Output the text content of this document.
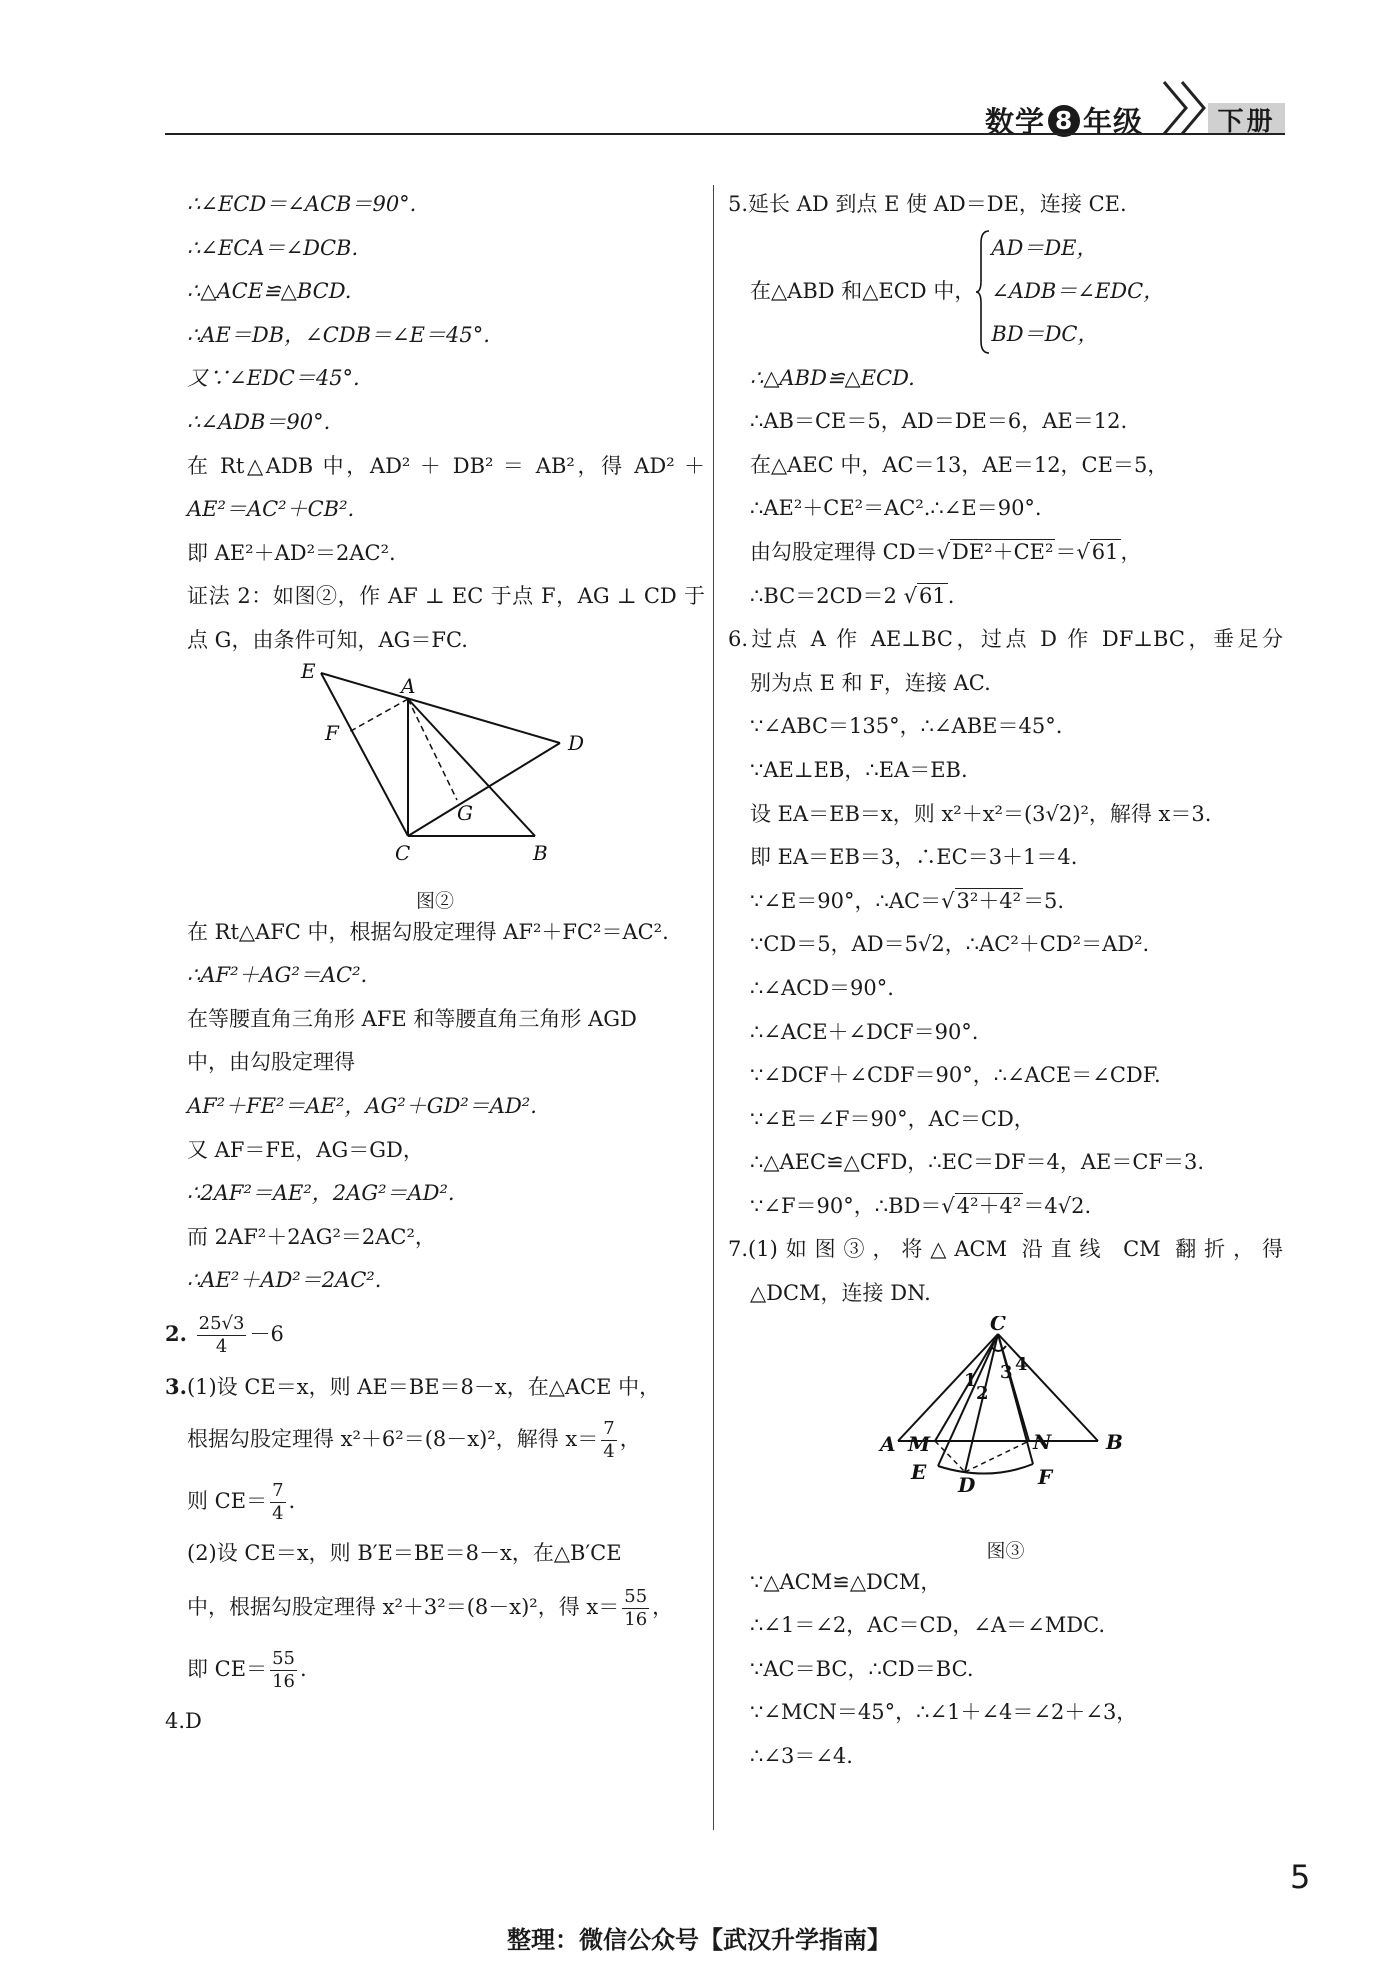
数学 8 年级	下册
∴∠ECD＝∠ACB＝90°.
∴∠ECA＝∠DCB.
∴△ACE≌△BCD.
∴AE＝DB，∠CDB＝∠E＝45°.
又∵∠EDC＝45°.
∴∠ADB＝90°.
在 Rt△ADB 中，AD² ＋ DB² ＝ AB²，得 AD² ＋
AE²＝AC²＋CB².
即 AE²＋AD²＝2AC².
证法 2：如图②，作 AF ⊥ EC 于点 F，AG ⊥ CD 于
点 G，由条件可知，AG＝FC.
E
A
F	D
G
C	B
图②
在 Rt△AFC 中，根据勾股定理得 AF²＋FC²＝AC².
∴AF²＋AG²＝AC².
在等腰直角三角形 AFE 和等腰直角三角形 AGD
中，由勾股定理得
AF²＋FE²＝AE²，AG²＋GD²＝AD².
又 AF＝FE，AG＝GD，
∴2AF²＝AE²，2AG²＝AD².
而 2AF²＋2AG²＝2AC²，
∴AE²＋AD²＝2AC².
2. $\frac{25√3}{4} -6$
3.(1)设 CE＝x，则 AE＝BE＝8－x，在△ACE 中，
根据勾股定理得 x²＋6²＝(8－x)²，解得 $x= \frac{7}{4}$ ，
则 $CE= \frac{7}{4}$ .
(2)设 CE＝x，则 B′E＝BE＝8－x，在△B′CE
中，根据勾股定理得 x²＋3²＝(8－x)²，得 $x= \frac{55}{16}$ ，
即 $CE= \frac{55}{16}$ .
4.D
5.延长 AD 到点 E 使 AD＝DE，连接 CE.
在△ABD 和△ECD 中，
AD＝DE，
∠ADB＝∠EDC，
BD＝DC，
∴△ABD≌△ECD.
∴AB＝CE＝5，AD＝DE＝6，AE＝12.
在△AEC 中，AC＝13，AE＝12，CE＝5，
∴AE²＋CE²＝AC².∴∠E＝90°.
由勾股定理得 CD＝√DE²＋CE²＝√61，
∴BC＝2CD＝2 √61.
6.过点 A 作 AE⊥BC，过点 D 作 DF⊥BC，垂足分
别为点 E 和 F，连接 AC.
∵∠ABC＝135°，∴∠ABE＝45°.
∵AE⊥EB，∴EA＝EB.
设 EA＝EB＝x，则 x²＋x²＝(3√2)²，解得 x＝3.
即 EA＝EB＝3，∴EC＝3＋1＝4.
∵∠E＝90°，∴AC＝√3²＋4²＝5.
∵CD＝5，AD＝5√2，∴AC²＋CD²＝AD².
∴∠ACD＝90°.
∴∠ACE＋∠DCF＝90°.
∵∠DCF＋∠CDF＝90°，∴∠ACE＝∠CDF.
∵∠E＝∠F＝90°，AC＝CD，
∴△AEC≌△CFD，∴EC＝DF＝4，AE＝CF＝3.
∵∠F＝90°，∴BD＝√4²＋4²＝4√2.
7.(1)如图③，将△ACM 沿直线 CM 翻折，得
△DCM，连接 DN.
C
A M	N	B
E
D	F
1
2
3 4
图③
∵△ACM≌△DCM，
∴∠1＝∠2，AC＝CD，∠A＝∠MDC.
∵AC＝BC，∴CD＝BC.
∵∠MCN＝45°，∴∠1＋∠4＝∠2＋∠3，
∴∠3＝∠4.
5
整理：微信公众号【武汉升学指南】
